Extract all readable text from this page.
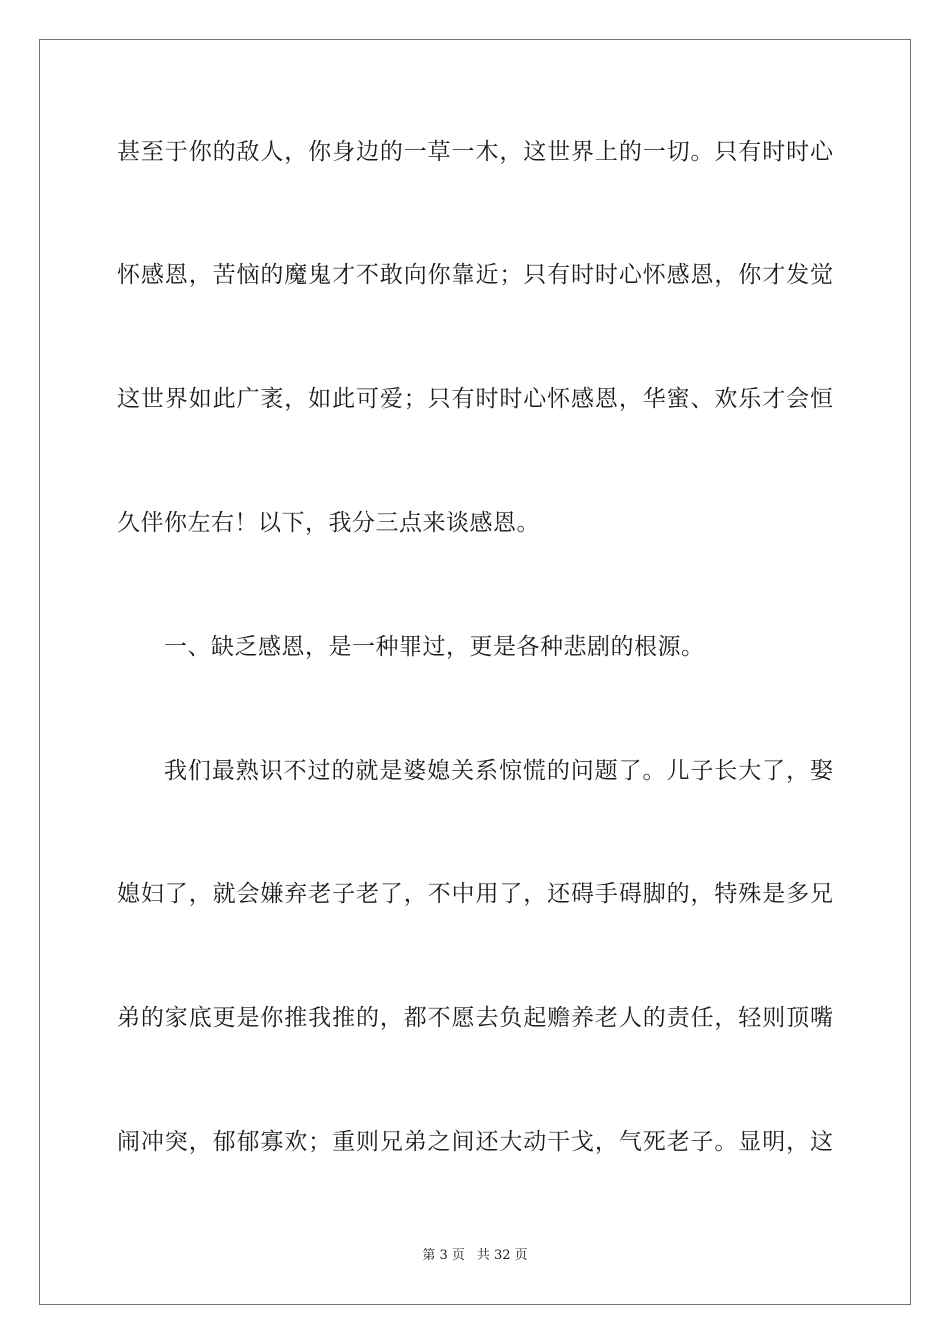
甚至于你的敌人，你身边的一草一木，这世界上的一切。只有时时心
怀感恩，苦恼的魔鬼才不敢向你靠近；只有时时心怀感恩，你才发觉
这世界如此广袤，如此可爱；只有时时心怀感恩，华蜜、欢乐才会恒
久伴你左右！以下，我分三点来谈感恩。
一、缺乏感恩，是一种罪过，更是各种悲剧的根源。
我们最熟识不过的就是婆媳关系惊慌的问题了。儿子长大了，娶
媳妇了，就会嫌弃老子老了，不中用了，还碍手碍脚的，特殊是多兄
弟的家底更是你推我推的，都不愿去负起赡养老人的责任，轻则顶嘴
闹冲突，郁郁寡欢；重则兄弟之间还大动干戈，气死老子。显明，这
第 3 页 共 32 页
